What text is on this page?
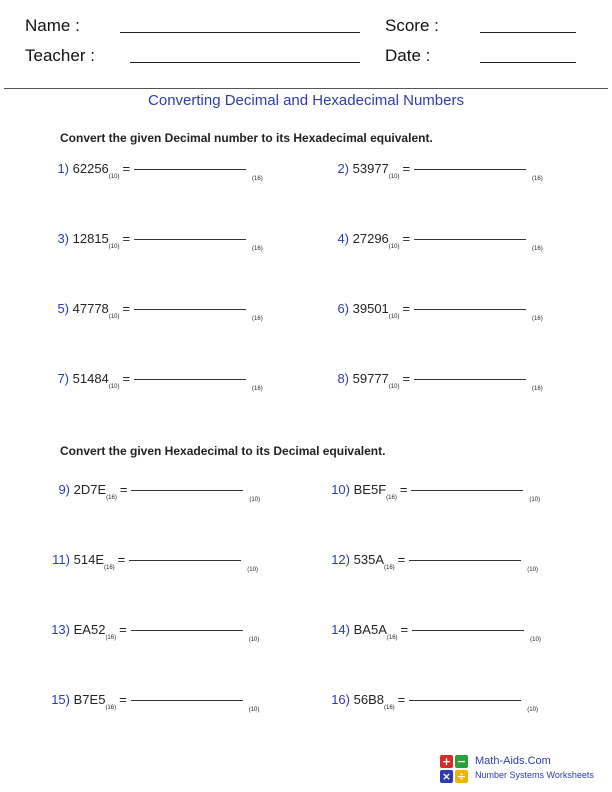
Name :	Score :
Teacher :	Date :
Converting Decimal and Hexadecimal Numbers
Convert the given Decimal number to its Hexadecimal equivalent.
1) $62256_{(10)}=_{(16)}$
2) $53977_{(10)}=_{(16)}$
3) $12815_{(10)}=_{(16)}$
4) $27296_{(10)}=_{(16)}$
5) $47778_{(10)}=_{(16)}$
6) $39501_{(10)}=_{(16)}$
7) $51484_{(10)}=_{(16)}$
8) $59777_{(10)}=_{(16)}$
Convert the given Hexadecimal to its Decimal equivalent.
9) $2D7E_{(16)}=_{(10)}$
10) $BE5F_{(16)}=_{(10)}$
11) $514E_{(16)}=_{(10)}$
12) $535A_{(16)}=_{(10)}$
13) $EA52_{(16)}=_{(10)}$
14) $BA5A_{(16)}=_{(10)}$
15) $B7E5_{(16)}=_{(10)}$
16) $56B8_{(16)}=_{(10)}$
+ −
× ÷
Math-Aids.Com
Number Systems Worksheets
